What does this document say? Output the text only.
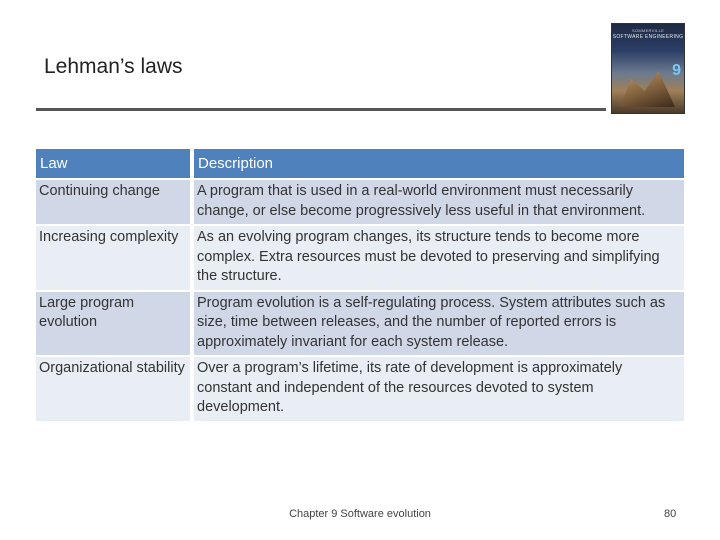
Lehman’s laws
SOMMERVILLE
SOFTWARE ENGINEERING
9
Law	Description
Continuing change	A program that is used in a real-world environment must necessarily change, or else become progressively less useful in that environment.
Increasing complexity	As an evolving program changes, its structure tends to become more complex. Extra resources must be devoted to preserving and simplifying the structure.
Large program evolution	Program evolution is a self-regulating process. System attributes such as size, time between releases, and the number of reported errors is approximately invariant for each system release.
Organizational stability	Over a program’s lifetime, its rate of development is approximately constant and independent of the resources devoted to system development.
Chapter 9 Software evolution	80
